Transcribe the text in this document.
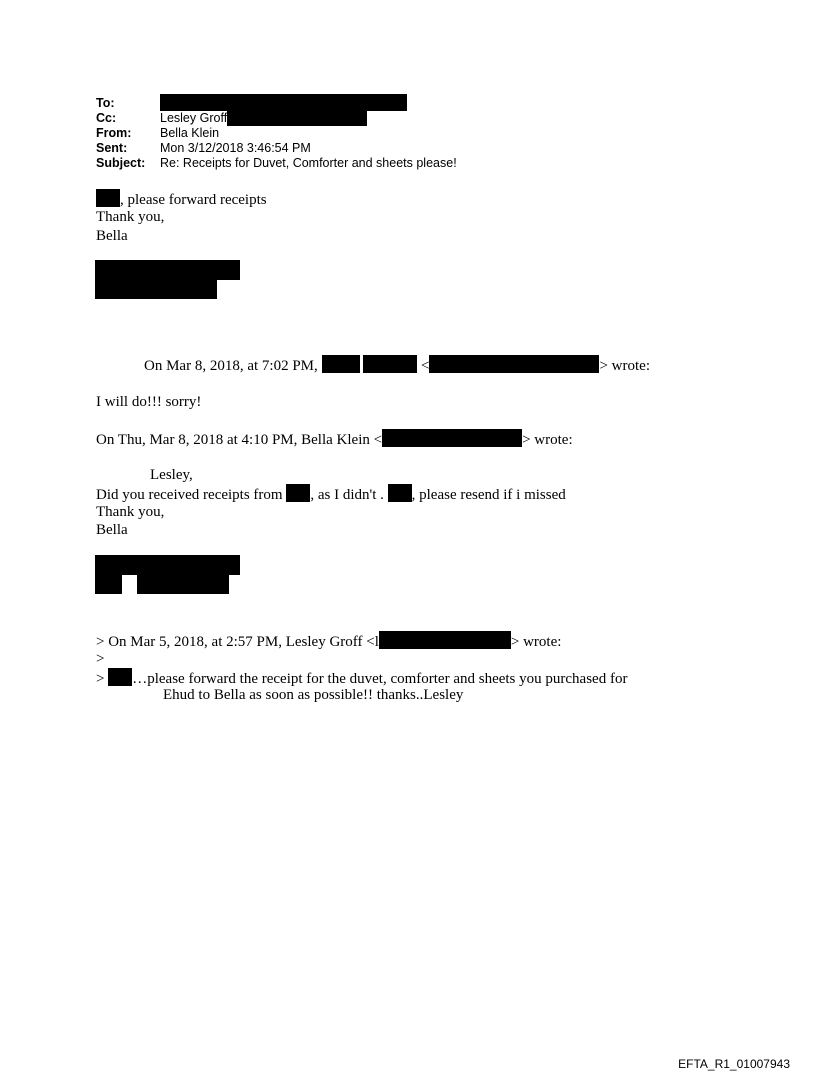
To:
Cc:	Lesley Groff
From: Bella Klein
Sent:	Mon 3/12/2018 3:46:54 PM
Subject: Re: Receipts for Duvet, Comforter and sheets please!
, please forward receipts
Thank you,
Bella
On Mar 8, 2018, at 7:02 PM,	<	> wrote:
I will do!!! sorry!
On Thu, Mar 8, 2018 at 4:10 PM, Bella Klein <	> wrote:
Lesley,
Did you received receipts from , as I didn't . , please resend if i missed
Thank you,
Bella
> On Mar 5, 2018, at 2:57 PM, Lesley Groff <l	> wrote:
>
> …please forward the receipt for the duvet, comforter and sheets you purchased for
Ehud to Bella as soon as possible!! thanks..Lesley
EFTA_R1_01007943
